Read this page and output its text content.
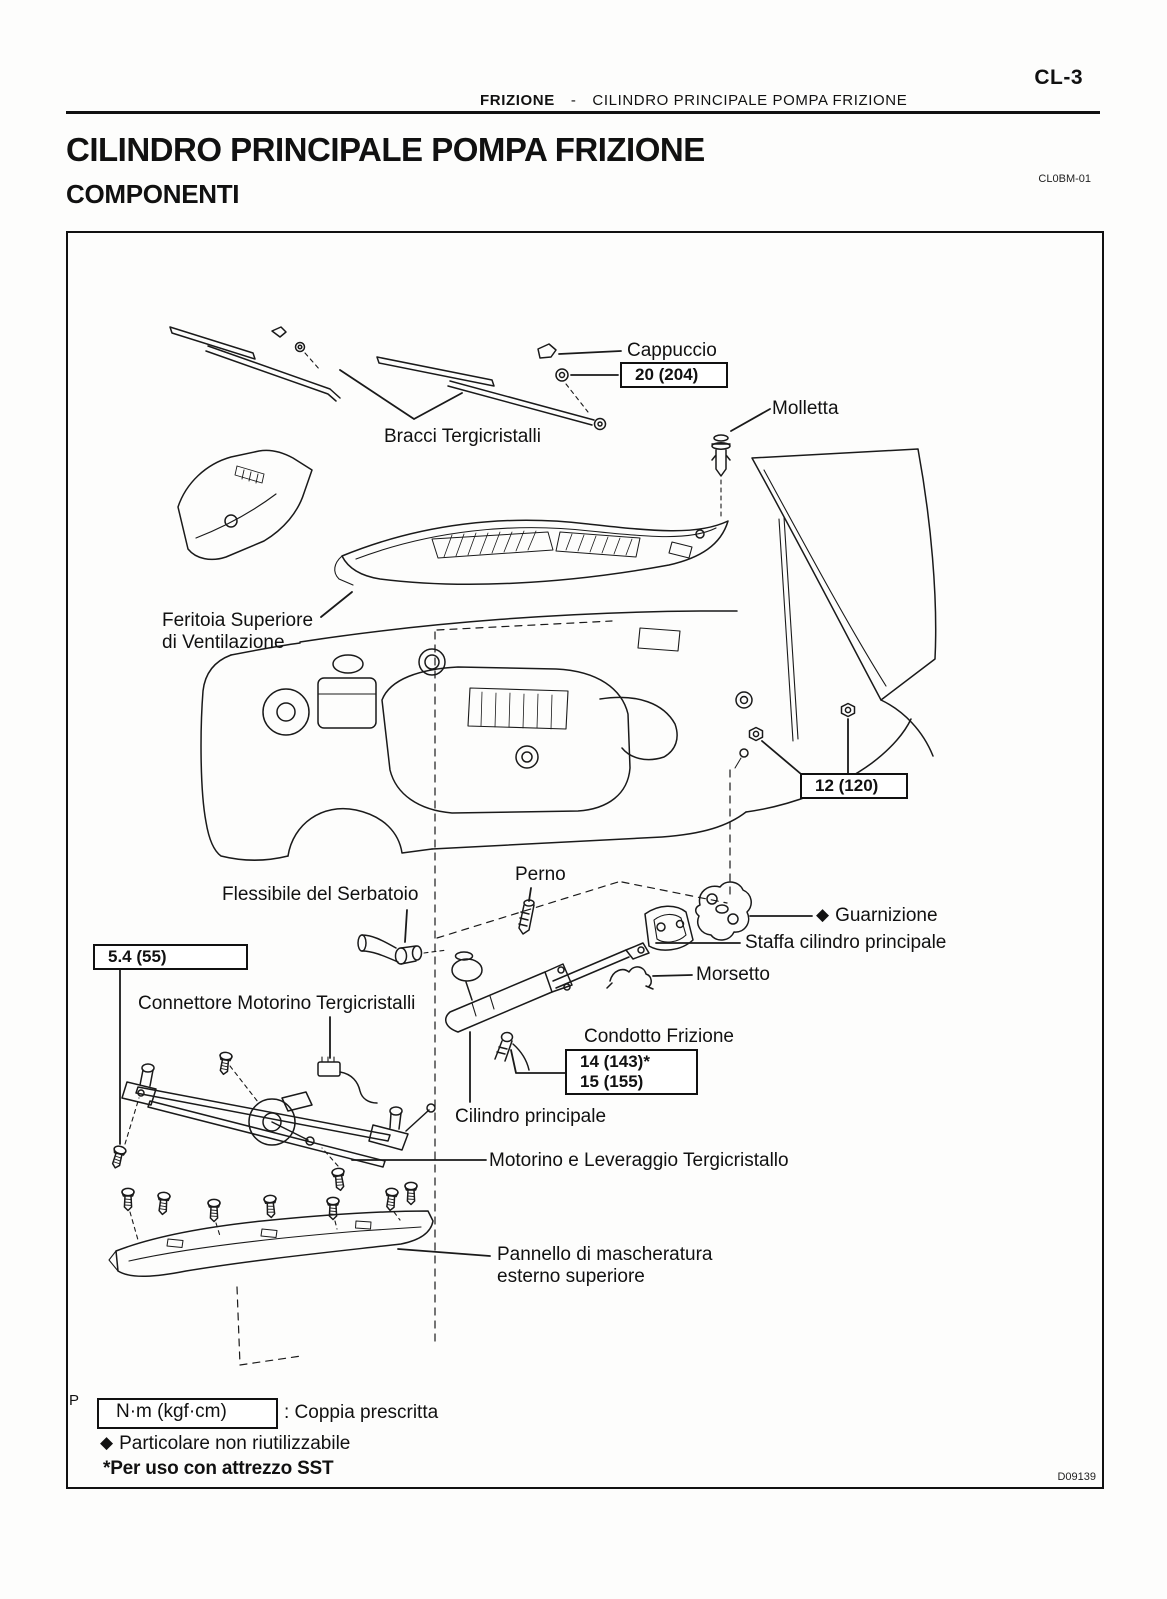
CL-3
FRIZIONE - CILINDRO PRINCIPALE POMPA FRIZIONE
CILINDRO PRINCIPALE POMPA FRIZIONE
COMPONENTI	CL0BM-01
D09139
Cappuccio
Molletta
Bracci Tergicristalli
Feritoia Superiore
di Ventilazione
Perno
Flessibile del Serbatoio
◆ Guarnizione
Staffa cilindro principale
Morsetto
Connettore Motorino Tergicristalli
Condotto Frizione
Cilindro principale
Motorino e Leveraggio Tergicristallo
Pannello di mascheratura
esterno superiore
20 (204)
12 (120)
5.4 (55)
14 (143)*
15 (155)
P
N·m (kgf·cm)	: Coppia prescritta
◆ Particolare non riutilizzabile
*Per uso con attrezzo SST
